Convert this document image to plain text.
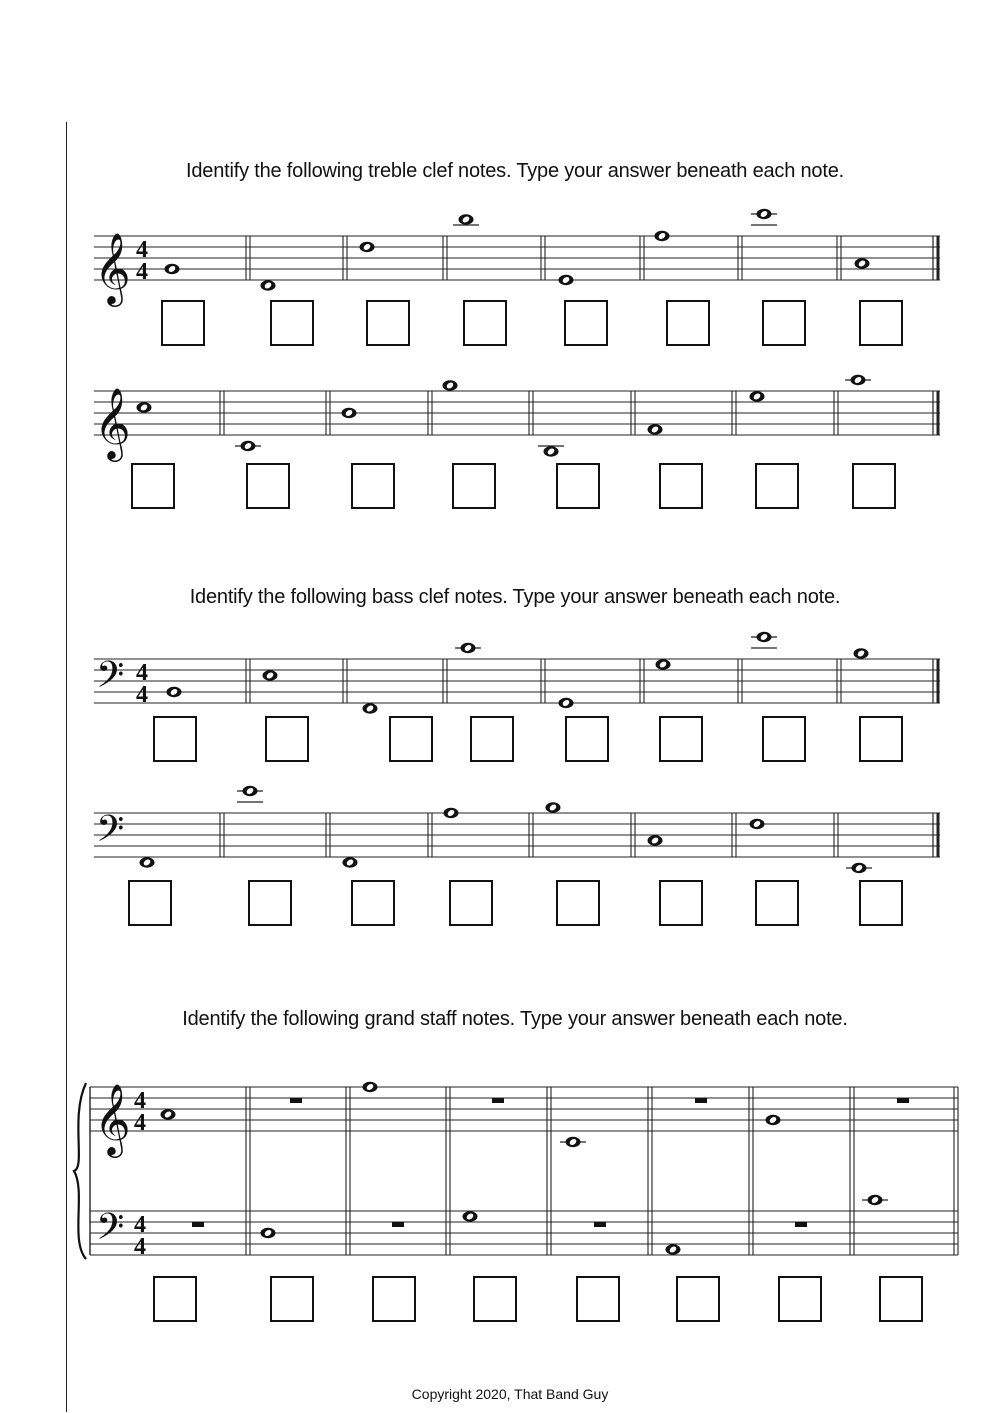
Identify the following treble clef notes. Type your answer beneath each note.
Identify the following bass clef notes. Type your answer beneath each note.
Identify the following grand staff notes. Type your answer beneath each note.
𝄞 4
4
𝄞
𝄢 4
4
𝄢
𝄞
𝄢
4
4
4
4
Copyright 2020, That Band Guy
